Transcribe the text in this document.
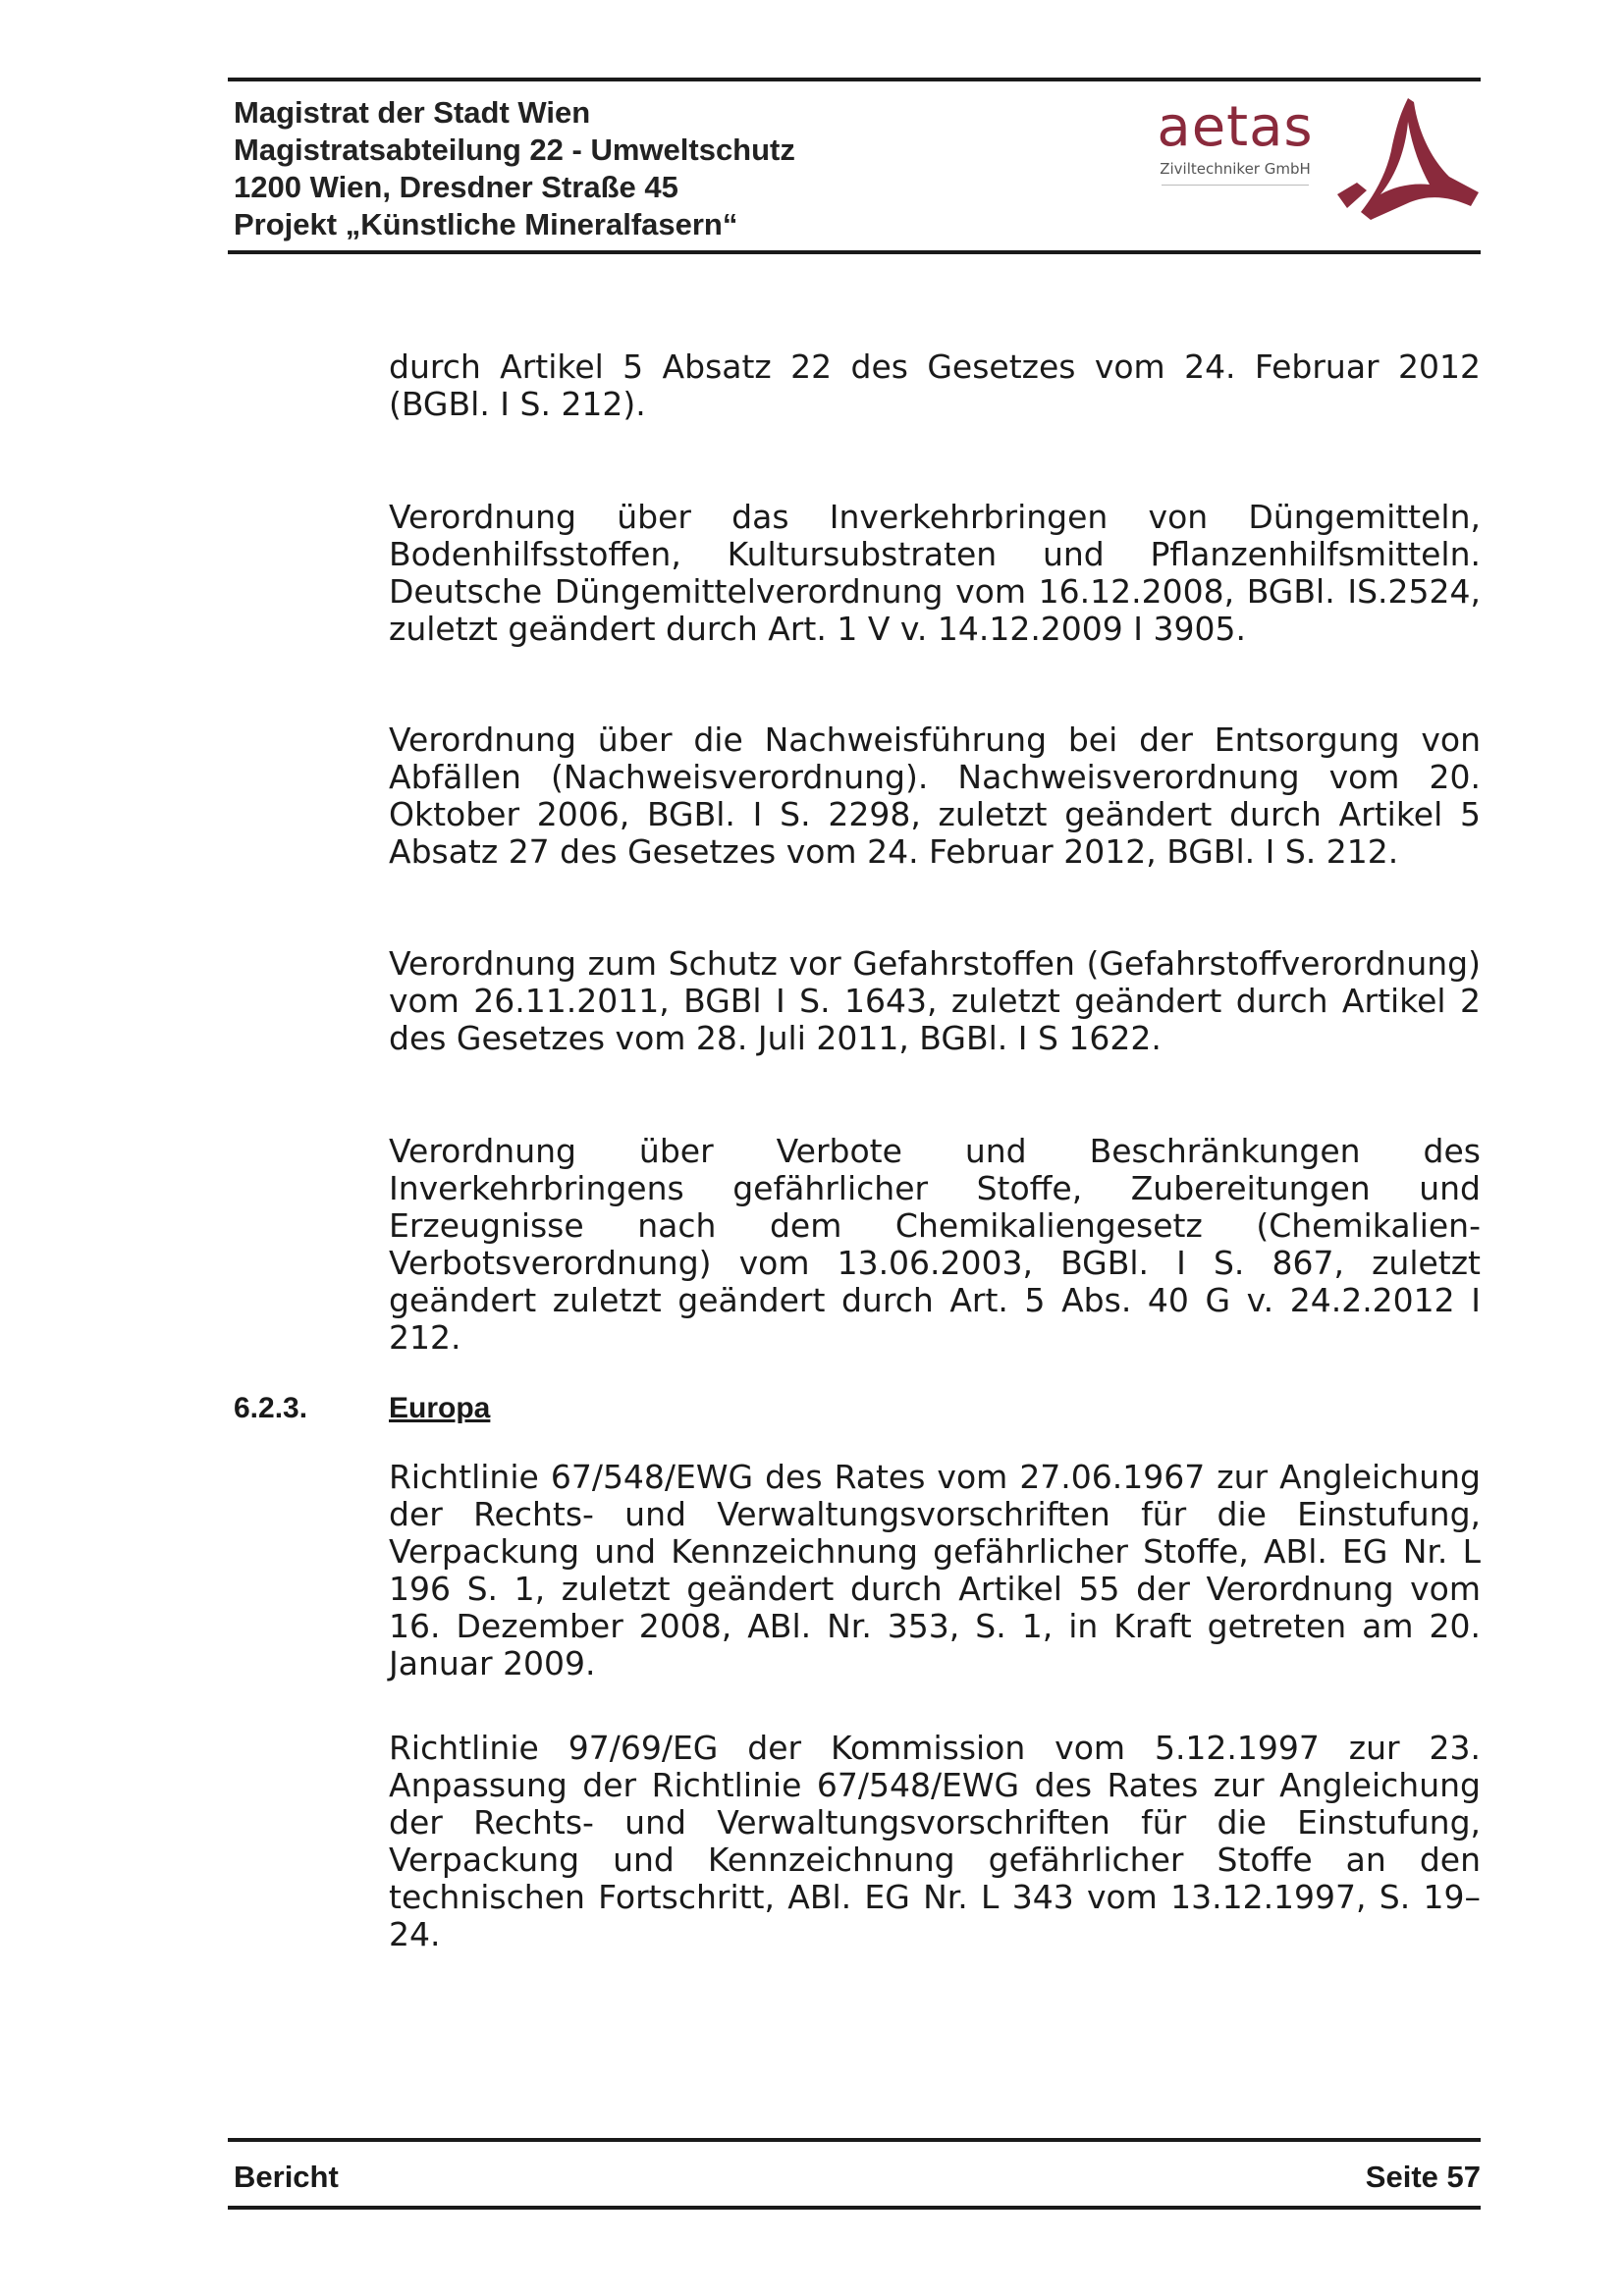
Magistrat der Stadt Wien
Magistratsabteilung 22 - Umweltschutz
1200 Wien, Dresdner Straße 45
Projekt „Künstliche Mineralfasern“
aetas
Ziviltechniker GmbH

durch Artikel 5 Absatz 22 des Gesetzes vom 24. Februar 2012 (BGBl. I S. 212).

Verordnung über das Inverkehrbringen von Düngemitteln, Bodenhilfsstoffen, Kultursubstraten und Pflanzenhilfsmitteln. Deutsche Düngemittelverordnung vom 16.12.2008, BGBl. IS.2524, zuletzt geändert durch Art. 1 V v. 14.12.2009 I 3905.

Verordnung über die Nachweisführung bei der Entsorgung von Abfällen (Nachweisverordnung). Nachweisverordnung vom 20. Oktober 2006, BGBl. I S. 2298, zuletzt geändert durch Artikel 5 Absatz 27 des Gesetzes vom 24. Februar 2012, BGBl. I S. 212.

Verordnung zum Schutz vor Gefahrstoffen (Gefahrstoffverordnung) vom 26.11.2011, BGBl I S. 1643, zuletzt geändert durch Artikel 2 des Gesetzes vom 28. Juli 2011, BGBl. I S 1622.

Verordnung über Verbote und Beschränkungen des Inverkehrbringens gefährlicher Stoffe, Zubereitungen und Erzeugnisse nach dem Chemikaliengesetz (Chemikalien-Verbotsverordnung) vom 13.06.2003, BGBl. I S. 867, zuletzt geändert zuletzt geändert durch Art. 5 Abs. 40 G v. 24.2.2012 I 212.

Richtlinie 67/548/EWG des Rates vom 27.06.1967 zur Angleichung der Rechts- und Verwaltungsvorschriften für die Einstufung, Verpackung und Kennzeichnung gefährlicher Stoffe, ABl. EG Nr. L 196 S. 1, zuletzt geändert durch Artikel 55 der Verordnung vom 16. Dezember 2008, ABl. Nr. 353, S. 1, in Kraft getreten am 20. Januar 2009.

Richtlinie 97/69/EG der Kommission vom 5.12.1997 zur 23. Anpassung der Richtlinie 67/548/EWG des Rates zur Angleichung der Rechts- und Verwaltungsvorschriften für die Einstufung, Verpackung und Kennzeichnung gefährlicher Stoffe an den technischen Fortschritt, ABl. EG Nr. L 343 vom 13.12.1997, S. 19–24.

6.2.3.	Europa
Bericht	Seite 57
